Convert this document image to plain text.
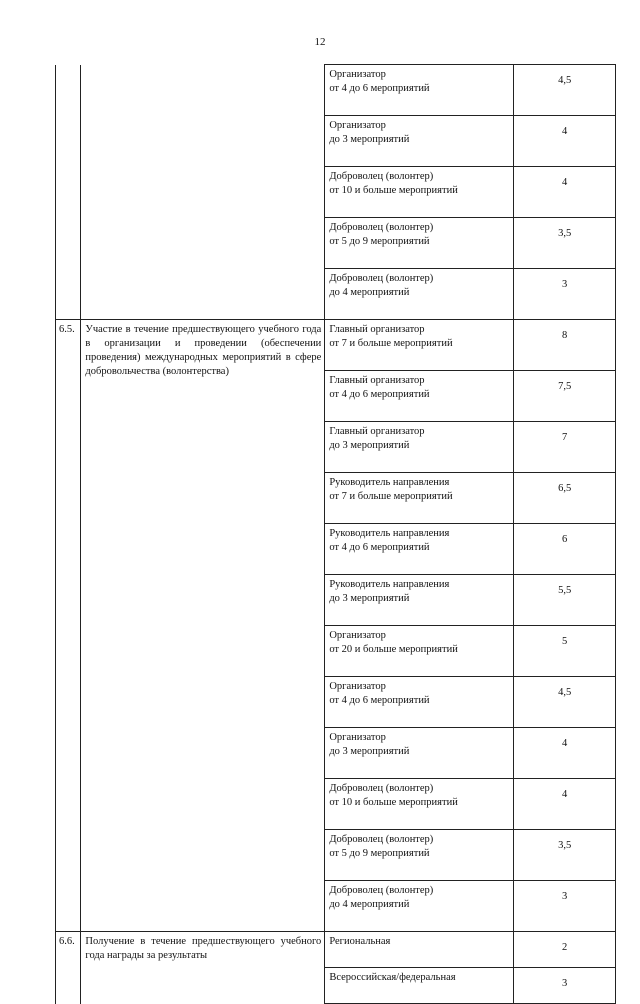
12
		Организатор
от 4 до 6 мероприятий	4,5
		Организатор
до 3 мероприятий	4
		Доброволец (волонтер)
от 10 и больше мероприятий	4
		Доброволец (волонтер)
от 5 до 9 мероприятий	3,5
		Доброволец (волонтер)
до 4 мероприятий	3
6.5.	Участие в течение предшествующего учебного года в организации и проведении (обеспечении проведения) международных мероприятий в сфере добровольчества (волонтерства)	Главный организатор
от 7 и больше мероприятий	8
		Главный организатор
от 4 до 6 мероприятий	7,5
		Главный организатор
до 3 мероприятий	7
		Руководитель направления
от 7 и больше мероприятий	6,5
		Руководитель направления
от 4 до 6 мероприятий	6
		Руководитель направления
до 3 мероприятий	5,5
		Организатор
от 20 и больше мероприятий	5
		Организатор
от 4 до 6 мероприятий	4,5
		Организатор
до 3 мероприятий	4
		Доброволец (волонтер)
от 10 и больше мероприятий	4
		Доброволец (волонтер)
от 5 до 9 мероприятий	3,5
		Доброволец (волонтер)
до 4 мероприятий	3
6.6.	Получение в течение предшествующего учебного года награды за результаты	Региональная	2
		Всероссийская/федеральная	3
